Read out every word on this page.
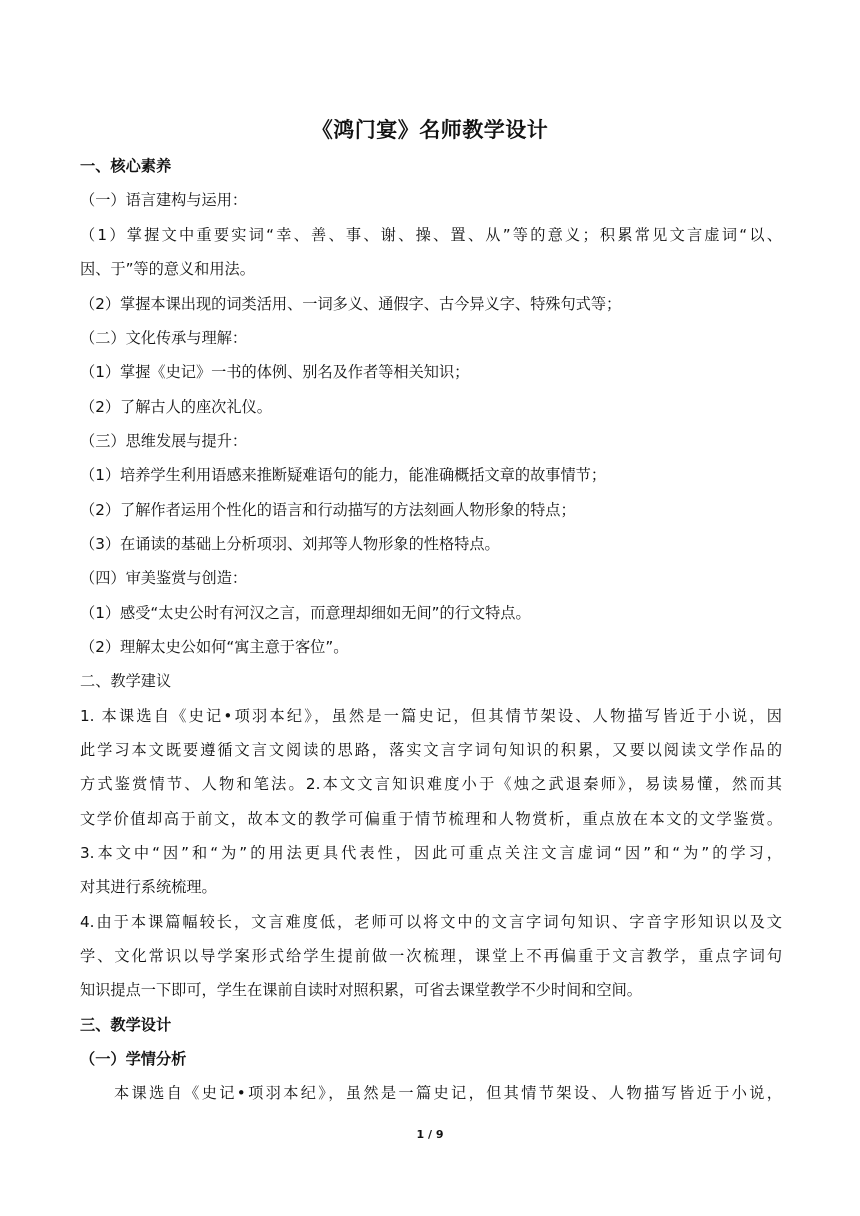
《鸿门宴》名师教学设计
一、核心素养
（一）语言建构与运用：
（1）掌握文中重要实词“幸、善、事、谢、操、置、从”等的意义；积累常见文言虚词“以、
因、于”等的意义和用法。
（2）掌握本课出现的词类活用、一词多义、通假字、古今异义字、特殊句式等；
（二）文化传承与理解：
（1）掌握《史记》一书的体例、别名及作者等相关知识；
（2）了解古人的座次礼仪。
（三）思维发展与提升：
（1）培养学生利用语感来推断疑难语句的能力，能准确概括文章的故事情节；
（2）了解作者运用个性化的语言和行动描写的方法刻画人物形象的特点；
（3）在诵读的基础上分析项羽、刘邦等人物形象的性格特点。
（四）审美鉴赏与创造：
（1）感受“太史公时有河汉之言，而意理却细如无间”的行文特点。
（2）理解太史公如何“寓主意于客位”。
二、教学建议
1. 本课选自《史记•项羽本纪》，虽然是一篇史记，但其情节架设、人物描写皆近于小说，因
此学习本文既要遵循文言文阅读的思路，落实文言字词句知识的积累，又要以阅读文学作品的
方式鉴赏情节、人物和笔法。2.本文文言知识难度小于《烛之武退秦师》，易读易懂，然而其
文学价值却高于前文，故本文的教学可偏重于情节梳理和人物赏析，重点放在本文的文学鉴赏。
3.本文中“因”和“为”的用法更具代表性，因此可重点关注文言虚词“因”和“为”的学习，
对其进行系统梳理。
4.由于本课篇幅较长，文言难度低，老师可以将文中的文言字词句知识、字音字形知识以及文
学、文化常识以导学案形式给学生提前做一次梳理，课堂上不再偏重于文言教学，重点字词句
知识提点一下即可，学生在课前自读时对照积累，可省去课堂教学不少时间和空间。
三、教学设计
（一）学情分析
本课选自《史记•项羽本纪》，虽然是一篇史记，但其情节架设、人物描写皆近于小说，
1 / 9
